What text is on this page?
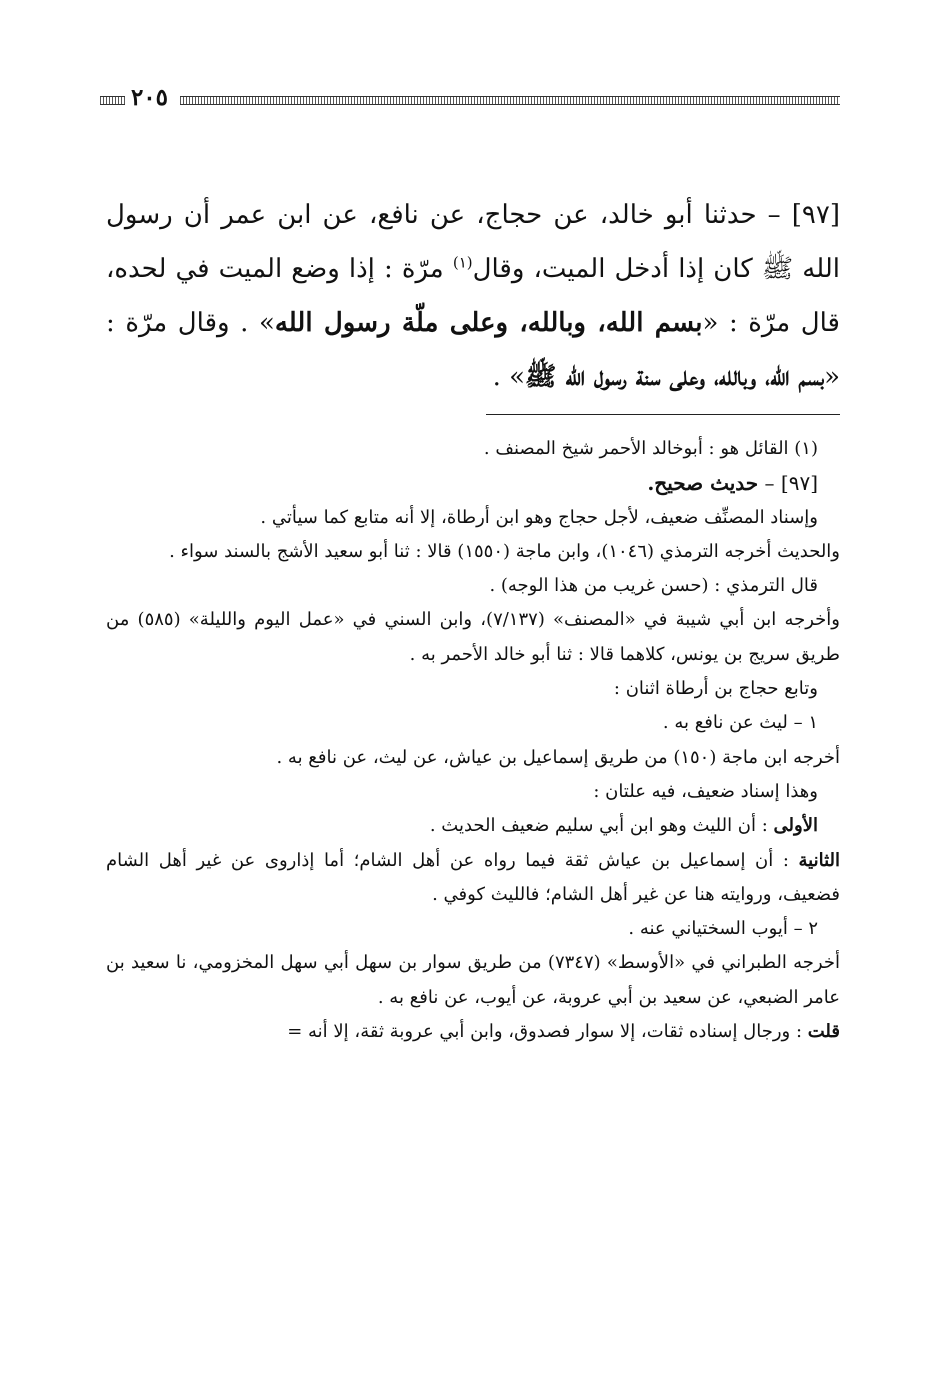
٢٠٥
[٩٧] – حدثنا أبو خالد، عن حجاج، عن نافع، عن ابن عمر أن رسول الله ﷺ كان إذا أدخل الميت، وقال$^{(١)}$ مرّة : إذا وضع الميت في لحده، قال مرّة : «بسم الله، وبالله، وعلى ملّة رسول الله» . وقال مرّة : «بسم الله، وبالله، وعلى سنة رسول الله ﷺ» .

(١) القائل هو : أبوخالد الأحمر شيخ المصنف .

[٩٧] – حديث صحيح.

وإسناد المصنِّف ضعيف، لأجل حجاج وهو ابن أرطاة، إلا أنه متابع كما سيأتي .

والحديث أخرجه الترمذي (١٠٤٦)، وابن ماجة (١٥٥٠) قالا : ثنا أبو سعيد الأشج بالسند سواء .

قال الترمذي : (حسن غريب من هذا الوجه) .

وأخرجه ابن أبي شيبة في «المصنف» (٧/١٣٧)، وابن السني في «عمل اليوم والليلة» (٥٨٥) من طريق سريج بن يونس، كلاهما قالا : ثنا أبو خالد الأحمر به .

وتابع حجاج بن أرطاة اثنان :

١ – ليث عن نافع به .

أخرجه ابن ماجة (١٥٠) من طريق إسماعيل بن عياش، عن ليث، عن نافع به .

وهذا إسناد ضعيف، فيه علتان :

الأولى : أن الليث وهو ابن أبي سليم ضعيف الحديث .

الثانية : أن إسماعيل بن عياش ثقة فيما رواه عن أهل الشام؛ أما إذاروى عن غير أهل الشام فضعيف، وروايته هنا عن غير أهل الشام؛ فالليث كوفي .

٢ – أيوب السختياني عنه .

أخرجه الطبراني في «الأوسط» (٧٣٤٧) من طريق سوار بن سهل أبي سهل المخزومي، نا سعيد بن عامر الضبعي، عن سعيد بن أبي عروبة، عن أيوب، عن نافع به .

قلت : ورجال إسناده ثقات، إلا سوار فصدوق، وابن أبي عروبة ثقة، إلا أنه =
